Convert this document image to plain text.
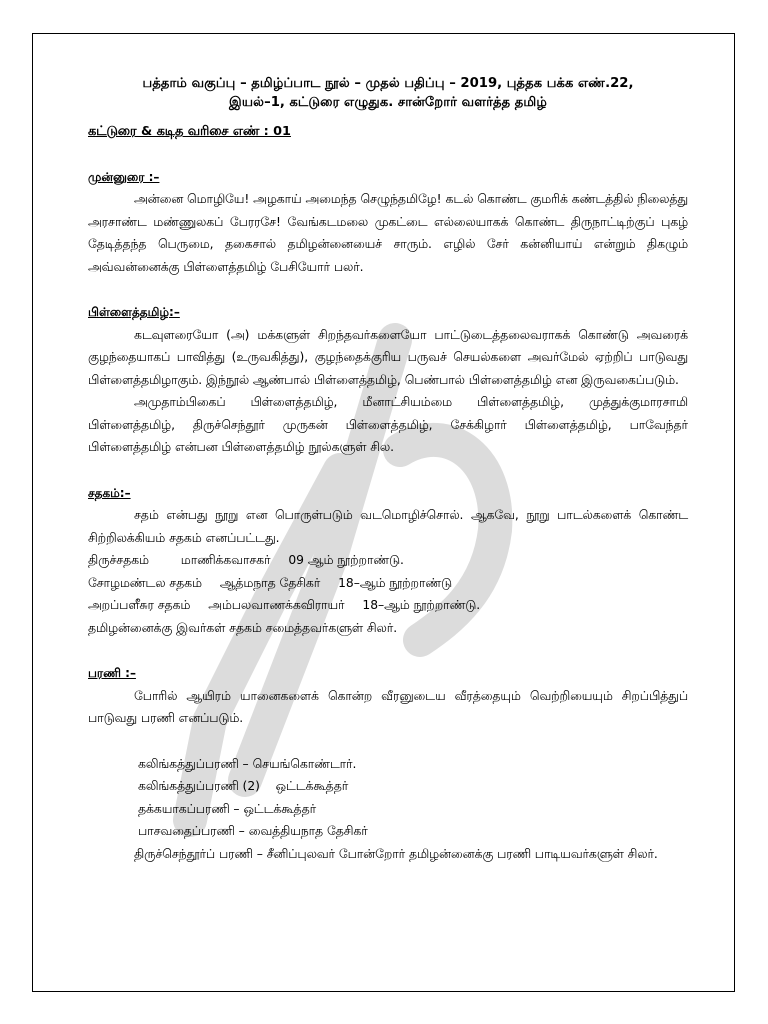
பத்தாம் வகுப்பு – தமிழ்ப்பாட நூல் – முதல் பதிப்பு – 2019, புத்தக பக்க எண்.22,
இயல்–1, கட்டுரை எழுதுக. சான்றோர் வளர்த்த தமிழ்
கட்டுரை & கடித வரிசை எண் : 01
முன்னுரை :–

அன்னை மொழியே! அழகாய் அமைந்த செழுந்தமிழே! கடல் கொண்ட குமரிக் கண்டத்தில் நிலைத்து அரசாண்ட மண்ணுலகப் பேரரசே! வேங்கடமலை முகட்டை எல்லையாகக் கொண்ட திருநாட்டிற்குப் புகழ் தேடித்தந்த பெருமை, தகைசால் தமிழன்னையைச் சாரும். எழில் சேர் கன்னியாய் என்றும் திகழும் அவ்வன்னைக்கு பிள்ளைத்தமிழ் பேசியோர் பலர்.

பிள்ளைத்தமிழ்:–

கடவுளரையோ (அ) மக்களுள் சிறந்தவர்களையோ பாட்டுடைத்தலைவராகக் கொண்டு அவரைக் குழந்தையாகப் பாவித்து (உருவகித்து), குழந்தைக்குரிய பருவச் செயல்களை அவர்மேல் ஏற்றிப் பாடுவது பிள்ளைத்தமிழாகும். இந்நூல் ஆண்பால் பிள்ளைத்தமிழ், பெண்பால் பிள்ளைத்தமிழ் என இருவகைப்படும்.

அமுதாம்பிகைப் பிள்ளைத்தமிழ், மீனாட்சியம்மை பிள்ளைத்தமிழ், முத்துக்குமாரசாமி பிள்ளைத்தமிழ், திருச்செந்தூர் முருகன் பிள்ளைத்தமிழ், சேக்கிழார் பிள்ளைத்தமிழ், பாவேந்தர் பிள்ளைத்தமிழ் என்பன பிள்ளைத்தமிழ் நூல்களுள் சில.

சதகம்:–

சதம் என்பது நூறு என பொருள்படும் வடமொழிச்சொல். ஆகவே, நூறு பாடல்களைக் கொண்ட சிற்றிலக்கியம் சதகம் எனப்பட்டது.

திருச்சதகம்	மாணிக்கவாசகர் 09 ஆம் நூற்றாண்டு.
சோழமண்டல சதகம் ஆத்மநாத தேசிகர் 18–ஆம் நூற்றாண்டு
அறப்பளீசுர சதகம் அம்பலவாணக்கவிராயர் 18–ஆம் நூற்றாண்டு.

தமிழன்னைக்கு இவர்கள் சதகம் சமைத்தவர்களுள் சிலர்.

பரணி :–

போரில் ஆயிரம் யானைகளைக் கொன்ற வீரனுடைய வீரத்தையும் வெற்றியையும் சிறப்பித்துப் பாடுவது பரணி எனப்படும்.

கலிங்கத்துப்பரணி – செயங்கொண்டார்.
கலிங்கத்துப்பரணி (2)    ஒட்டக்கூத்தர்
தக்கயாகப்பரணி – ஒட்டக்கூத்தர்
பாசவதைப்பரணி – வைத்தியநாத தேசிகர்

திருச்செந்தூர்ப் பரணி – சீனிப்புலவர் போன்றோர் தமிழன்னைக்கு பரணி பாடியவர்களுள் சிலர்.
